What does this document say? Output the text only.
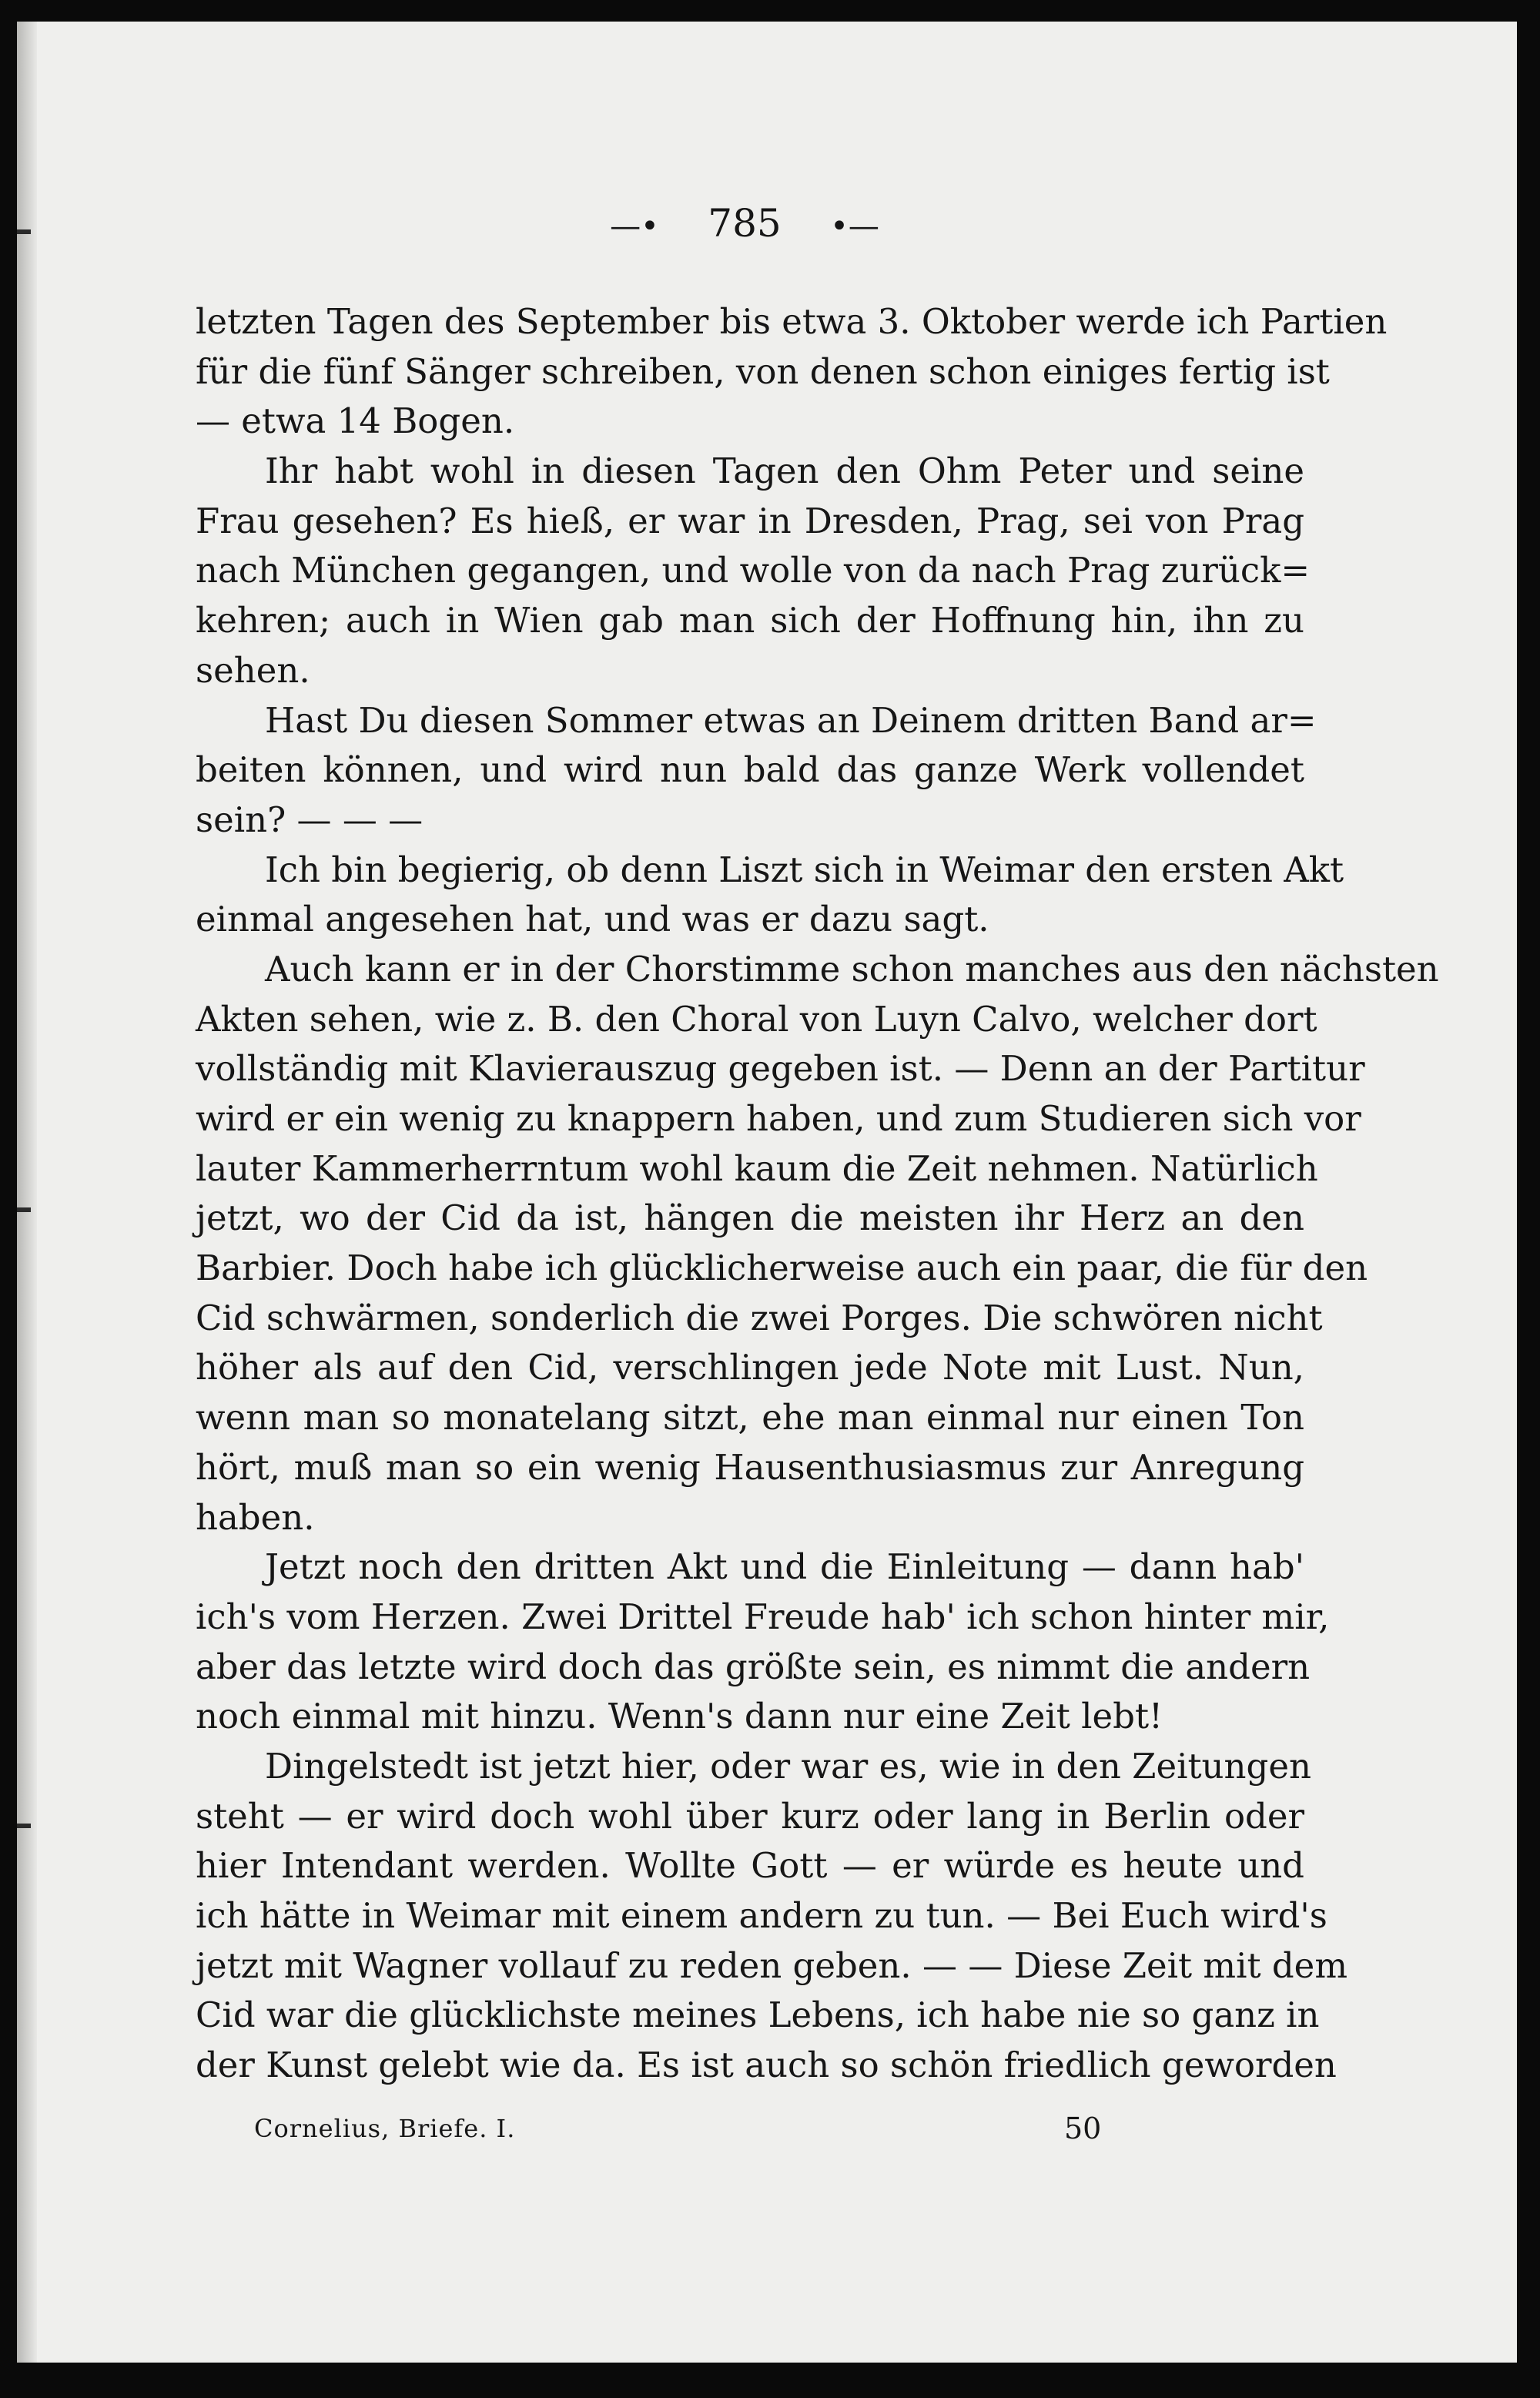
—• 785 •—
letzten Tagen des September bis etwa 3. Oktober werde ich Partien
für die fünf Sänger schreiben, von denen schon einiges fertig ist
— etwa 14 Bogen.
Ihr habt wohl in diesen Tagen den Ohm Peter und seine
Frau gesehen? Es hieß, er war in Dresden, Prag, sei von Prag
nach München gegangen, und wolle von da nach Prag zurück=
kehren; auch in Wien gab man sich der Hoffnung hin, ihn zu
sehen.
Hast Du diesen Sommer etwas an Deinem dritten Band ar=
beiten können, und wird nun bald das ganze Werk vollendet
sein? — — —
Ich bin begierig, ob denn Liszt sich in Weimar den ersten Akt
einmal angesehen hat, und was er dazu sagt.
Auch kann er in der Chorstimme schon manches aus den nächsten
Akten sehen, wie z. B. den Choral von Luyn Calvo, welcher dort
vollständig mit Klavierauszug gegeben ist. — Denn an der Partitur
wird er ein wenig zu knappern haben, und zum Studieren sich vor
lauter Kammerherrntum wohl kaum die Zeit nehmen. Natürlich
jetzt, wo der Cid da ist, hängen die meisten ihr Herz an den
Barbier. Doch habe ich glücklicherweise auch ein paar, die für den
Cid schwärmen, sonderlich die zwei Porges. Die schwören nicht
höher als auf den Cid, verschlingen jede Note mit Lust. Nun,
wenn man so monatelang sitzt, ehe man einmal nur einen Ton
hört, muß man so ein wenig Hausenthusiasmus zur Anregung
haben.
Jetzt noch den dritten Akt und die Einleitung — dann hab'
ich's vom Herzen. Zwei Drittel Freude hab' ich schon hinter mir,
aber das letzte wird doch das größte sein, es nimmt die andern
noch einmal mit hinzu. Wenn's dann nur eine Zeit lebt!
Dingelstedt ist jetzt hier, oder war es, wie in den Zeitungen
steht — er wird doch wohl über kurz oder lang in Berlin oder
hier Intendant werden. Wollte Gott — er würde es heute und
ich hätte in Weimar mit einem andern zu tun. — Bei Euch wird's
jetzt mit Wagner vollauf zu reden geben. — — Diese Zeit mit dem
Cid war die glücklichste meines Lebens, ich habe nie so ganz in
der Kunst gelebt wie da. Es ist auch so schön friedlich geworden
Cornelius, Briefe. I.	50
